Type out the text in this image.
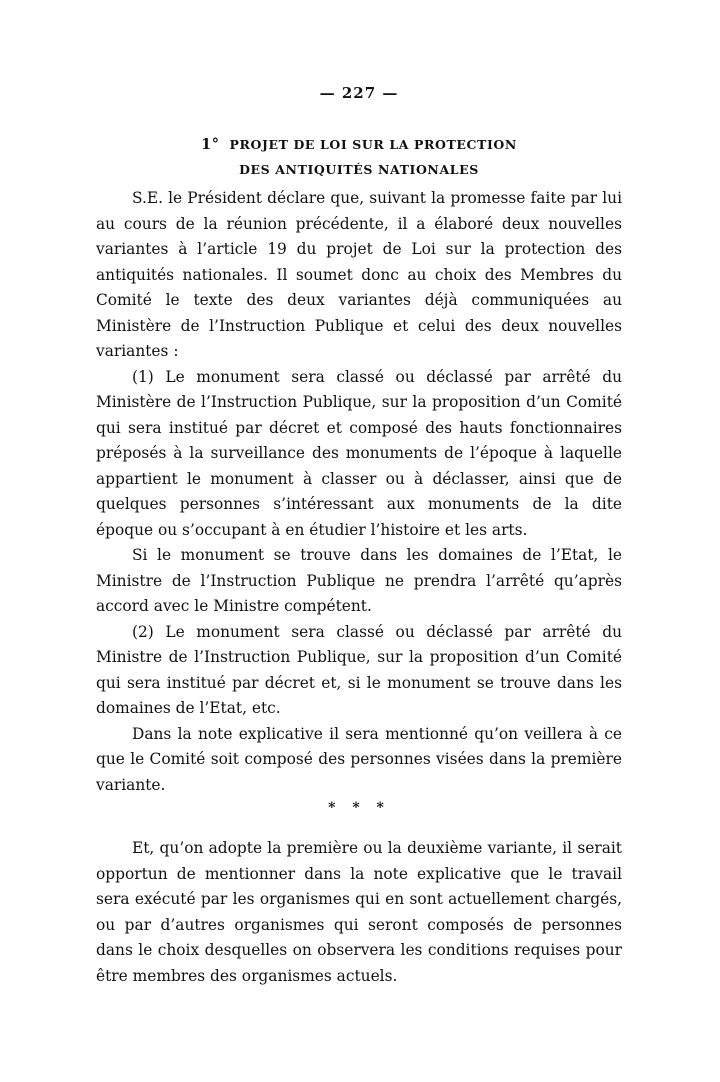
— 227 —
1° PROJET DE LOI SUR LA PROTECTION
DES ANTIQUITÉS NATIONALES

S.E. le Président déclare que, suivant la promesse faite par lui au cours de la réunion précédente, il a élaboré deux nouvelles variantes à l’article 19 du projet de Loi sur la protection des antiquités nationales. Il soumet donc au choix des Membres du Comité le texte des deux variantes déjà communiquées au Ministère de l’Instruction Publique et celui des deux nouvelles variantes :

(1) Le monument sera classé ou déclassé par arrêté du Ministère de l’Instruction Publique, sur la proposition d’un Comité qui sera institué par décret et composé des hauts fonctionnaires préposés à la surveillance des monuments de l’époque à laquelle appartient le monument à classer ou à déclasser, ainsi que de quelques personnes s’intéressant aux monuments de la dite époque ou s’occupant à en étudier l’histoire et les arts.

Si le monument se trouve dans les domaines de l’Etat, le Ministre de l’Instruction Publique ne prendra l’arrêté qu’après accord avec le Ministre compétent.

(2) Le monument sera classé ou déclassé par arrêté du Ministre de l’Instruction Publique, sur la proposition d’un Comité qui sera institué par décret et, si le monument se trouve dans les domaines de l’Etat, etc.

Dans la note explicative il sera mentionné qu’on veillera à ce que le Comité soit composé des personnes visées dans la première variante.

* * *

Et, qu’on adopte la première ou la deuxième variante, il serait opportun de mentionner dans la note explicative que le travail sera exécuté par les organismes qui en sont actuellement chargés, ou par d’autres organismes qui seront composés de personnes dans le choix desquelles on observera les conditions requises pour être membres des organismes actuels.
